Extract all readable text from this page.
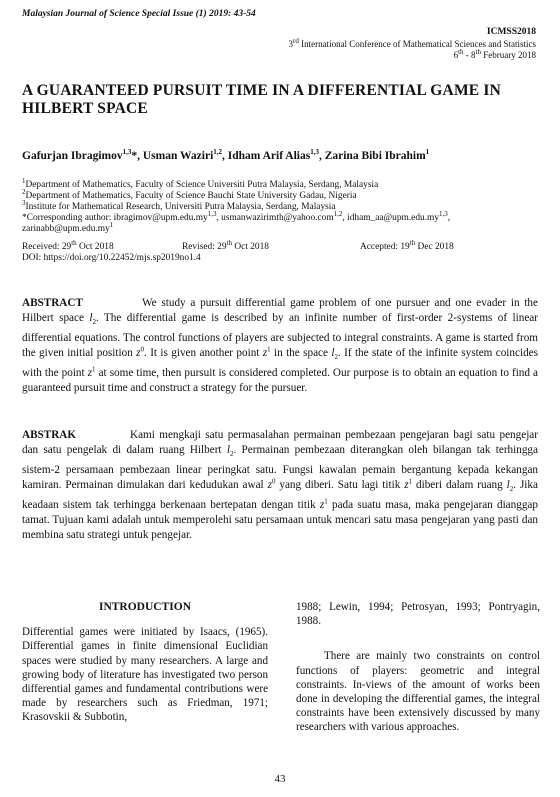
Malaysian Journal of Science Special Issue (1) 2019: 43-54
ICMSS2018
3rd International Conference of Mathematical Sciences and Statistics
6th - 8th February 2018
A GUARANTEED PURSUIT TIME IN A DIFFERENTIAL GAME IN HILBERT SPACE
Gafurjan Ibragimov$^{1,3}$*, Usman Waziri$^{1,2}$, Idham Arif Alias$^{1,3}$, Zarina Bibi Ibrahim$^1$
$^1$Department of Mathematics, Faculty of Science Universiti Putra Malaysia, Serdang, Malaysia
$^2$Department of Mathematics, Faculty of Science Bauchi State University Gadau, Nigeria
$^3$Institute for Mathematical Research, Universiti Putra Malaysia, Serdang, Malaysia
*Corresponding author: ibragimov@upm.edu.my$^{1,3}$, usmanwazirimth@yahoo.com$^{1,2}$, idham_aa@upm.edu.my$^{1,3}$, $zarinabb@upm.edu.my^1$
Received: 29th Oct 2018	Revised: 29th Oct 2018	Accepted: 19th Dec 2018
DOI: https://doi.org/10.22452/mjs.sp2019no1.4
ABSTRACT	We study a pursuit differential game problem of one pursuer and one evader in the Hilbert space $l_2$. The differential game is described by an infinite number of first-order 2-systems of linear differential equations. The control functions of players are subjected to integral constraints. A game is started from the given initial position $z^0$. It is given another point $z^1$ in the space $l_2$. If the state of the infinite system coincides with the point $z^1$ at some time, then pursuit is considered completed. Our purpose is to obtain an equation to find a guaranteed pursuit time and construct a strategy for the pursuer.
ABSTRAK	Kami mengkaji satu permasalahan permainan pembezaan pengejaran bagi satu pengejar dan satu pengelak di dalam ruang Hilbert $l_2$. Permainan pembezaan diterangkan oleh bilangan tak terhingga sistem-2 persamaan pembezaan linear peringkat satu. Fungsi kawalan pemain bergantung kepada kekangan kamiran. Permainan dimulakan dari kedudukan awal $z^0$ yang diberi. Satu lagi titik $z^1$ diberi dalam ruang $l_2$. Jika keadaan sistem tak terhingga berkenaan bertepatan dengan titik $z^1$ pada suatu masa, maka pengejaran dianggap tamat. Tujuan kami adalah untuk memperolehi satu persamaan untuk mencari satu masa pengejaran yang pasti dan membina satu strategi untuk pengejar.
INTRODUCTION
Differential games were initiated by Isaacs, (1965). Differential games in finite dimensional Euclidian spaces were studied by many researchers. A large and growing body of literature has investigated two person differential games and fundamental contributions were made by researchers such as Friedman, 1971; Krasovskii & Subbotin,
1988; Lewin, 1994; Petrosyan, 1993; Pontryagin, 1988.
There are mainly two constraints on control functions of players: geometric and integral constraints. In-views of the amount of works been done in developing the differential games, the integral constraints have been extensively discussed by many researchers with various approaches.
43
